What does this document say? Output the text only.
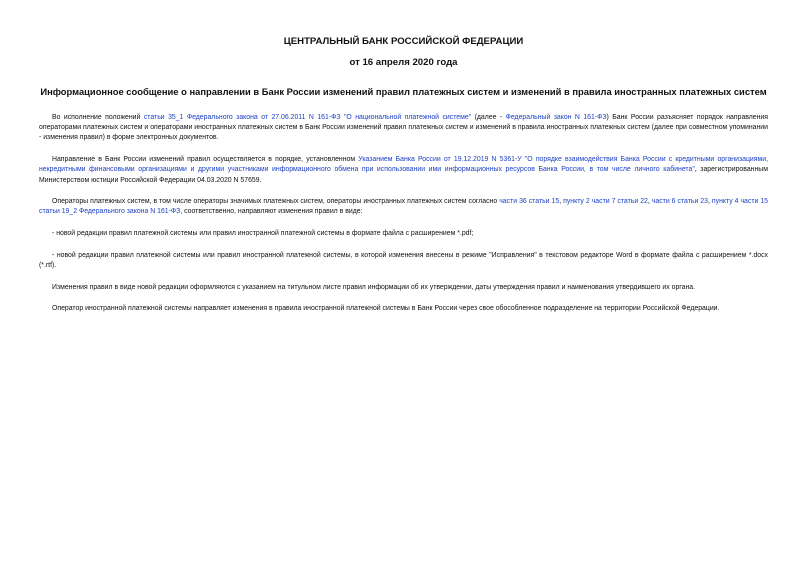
ЦЕНТРАЛЬНЫЙ БАНК РОССИЙСКОЙ ФЕДЕРАЦИИ
от 16 апреля 2020 года
Информационное сообщение о направлении в Банк России изменений правил платежных систем и изменений в правила иностранных платежных систем

Во исполнение положений статьи 35_1 Федерального закона от 27.06.2011 N 161-ФЗ "О национальной платежной системе" (далее - Федеральный закон N 161-ФЗ) Банк России разъясняет порядок направления операторами платежных систем и операторами иностранных платежных систем в Банк России изменений правил платежных систем и изменений в правила иностранных платежных систем (далее при совместном упоминании - изменения правил) в форме электронных документов.

Направление в Банк России изменений правил осуществляется в порядке, установленном Указанием Банка России от 19.12.2019 N 5361-У "О порядке взаимодействия Банка России с кредитными организациями, некредитными финансовыми организациями и другими участниками информационного обмена при использовании ими информационных ресурсов Банка России, в том числе личного кабинета", зарегистрированным Министерством юстиции Российской Федерации 04.03.2020 N 57659.

Операторы платежных систем, в том числе операторы значимых платежных систем, операторы иностранных платежных систем согласно части 36 статьи 15, пункту 2 части 7 статьи 22, части 6 статьи 23, пункту 4 части 15 статьи 19_2 Федерального закона N 161-ФЗ, соответственно, направляют изменения правил в виде:

- новой редакции правил платежной системы или правил иностранной платежной системы в формате файла с расширением *.pdf;

- новой редакции правил платежной системы или правил иностранной платежной системы, в которой изменения внесены в режиме "Исправления" в текстовом редакторе Word в формате файла с расширением *.docx (*.rtf).

Изменения правил в виде новой редакции оформляются с указанием на титульном листе правил информации об их утверждении, даты утверждения правил и наименования утвердившего их органа.

Оператор иностранной платежной системы направляет изменения в правила иностранной платежной системы в Банк России через свое обособленное подразделение на территории Российской Федерации.
